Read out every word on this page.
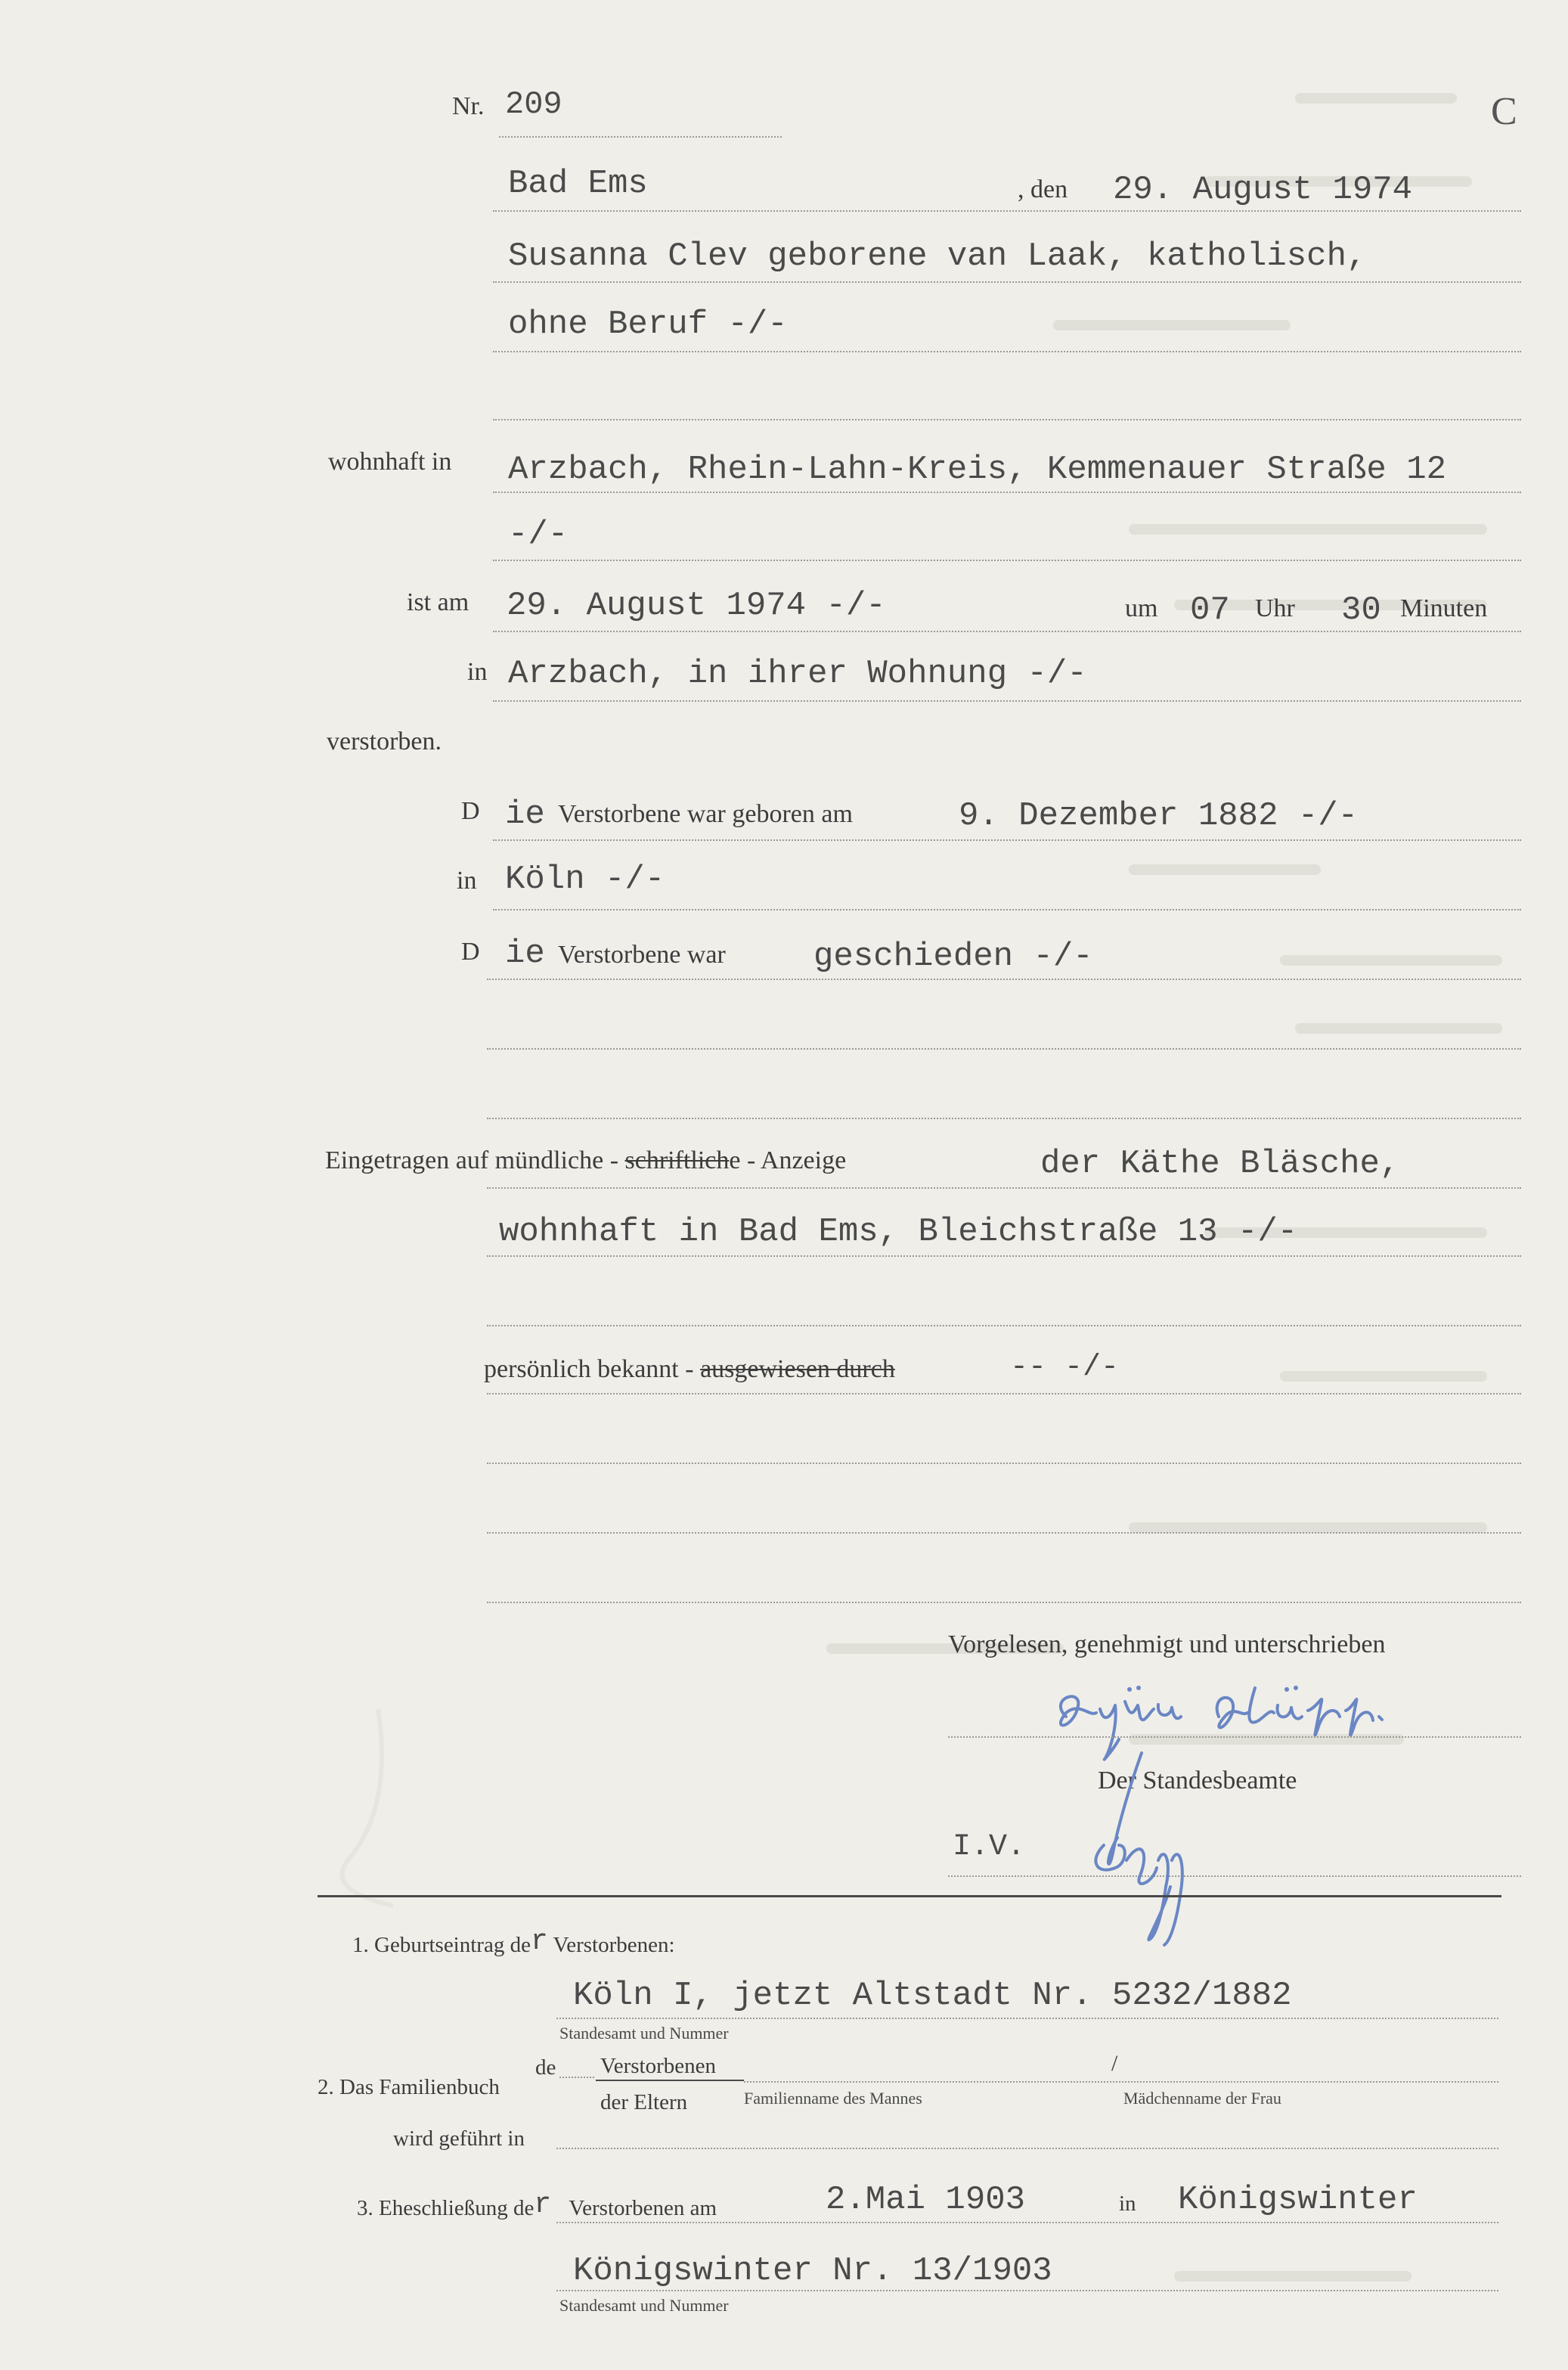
C
Nr. 209
Bad Ems	, den 29. August 1974
Susanna Clev geborene van Laak, katholisch,
ohne Beruf -/-
wohnhaft in Arzbach, Rhein-Lahn-Kreis, Kemmenauer Straße 12
-/-
ist am 29. August 1974 -/-	um 07 Uhr 30 Minuten
in Arzbach, in ihrer Wohnung -/-
verstorben.
D ie Verstorbene war geboren am	9. Dezember 1882 -/-
in Köln -/-
D ie Verstorbene war	geschieden -/-
Eingetragen auf mündliche - schriftliche - Anzeige	der Käthe Bläsche,
wohnhaft in Bad Ems, Bleichstraße 13 -/-
persönlich bekannt - ausgewiesen durch	-- -/-
Vorgelesen, genehmigt und unterschrieben
Der Standesbeamte
I.V.
1. Geburtseintrag der Verstorbenen:
Köln I, jetzt Altstadt Nr. 5232/1882
Standesamt und Nummer
de Verstorbenen	/
2. Das Familienbuch
der Eltern	Familienname des Mannes	Mädchenname der Frau
wird geführt in
3. Eheschließung der Verstorbenen am	2.Mai 1903	in Königswinter
Königswinter Nr. 13/1903
Standesamt und Nummer
